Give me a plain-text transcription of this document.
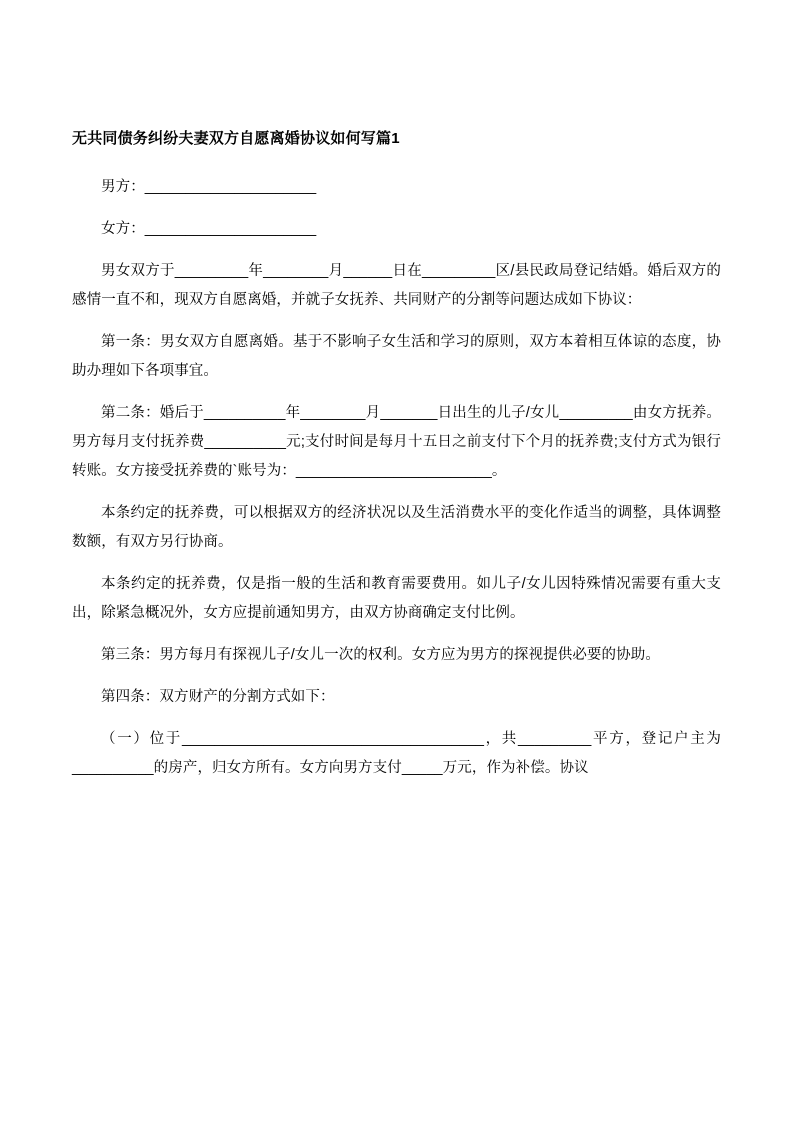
无共同债务纠纷夫妻双方自愿离婚协议如何写篇1

男方：_____________________

女方：_____________________

男女双方于_________年________月______日在_________区/县民政局登记结婚。婚后双方的感情一直不和，现双方自愿离婚，并就子女抚养、共同财产的分割等问题达成如下协议：

第一条：男女双方自愿离婚。基于不影响子女生活和学习的原则，双方本着相互体谅的态度，协助办理如下各项事宜。

第二条：婚后于__________年________月_______日出生的儿子/女儿_________由女方抚养。男方每月支付抚养费__________元;支付时间是每月十五日之前支付下个月的抚养费;支付方式为银行转账。女方接受抚养费的`账号为：________________________。

本条约定的抚养费，可以根据双方的经济状况以及生活消费水平的变化作适当的调整，具体调整数额，有双方另行协商。

本条约定的抚养费，仅是指一般的生活和教育需要费用。如儿子/女儿因特殊情况需要有重大支出，除紧急概况外，女方应提前通知男方，由双方协商确定支付比例。

第三条：男方每月有探视儿子/女儿一次的权利。女方应为男方的探视提供必要的协助。

第四条：双方财产的分割方式如下：

（一）位于_____________________________________，共_________平方，登记户主为__________的房产，归女方所有。女方向男方支付_____万元，作为补偿。协议
